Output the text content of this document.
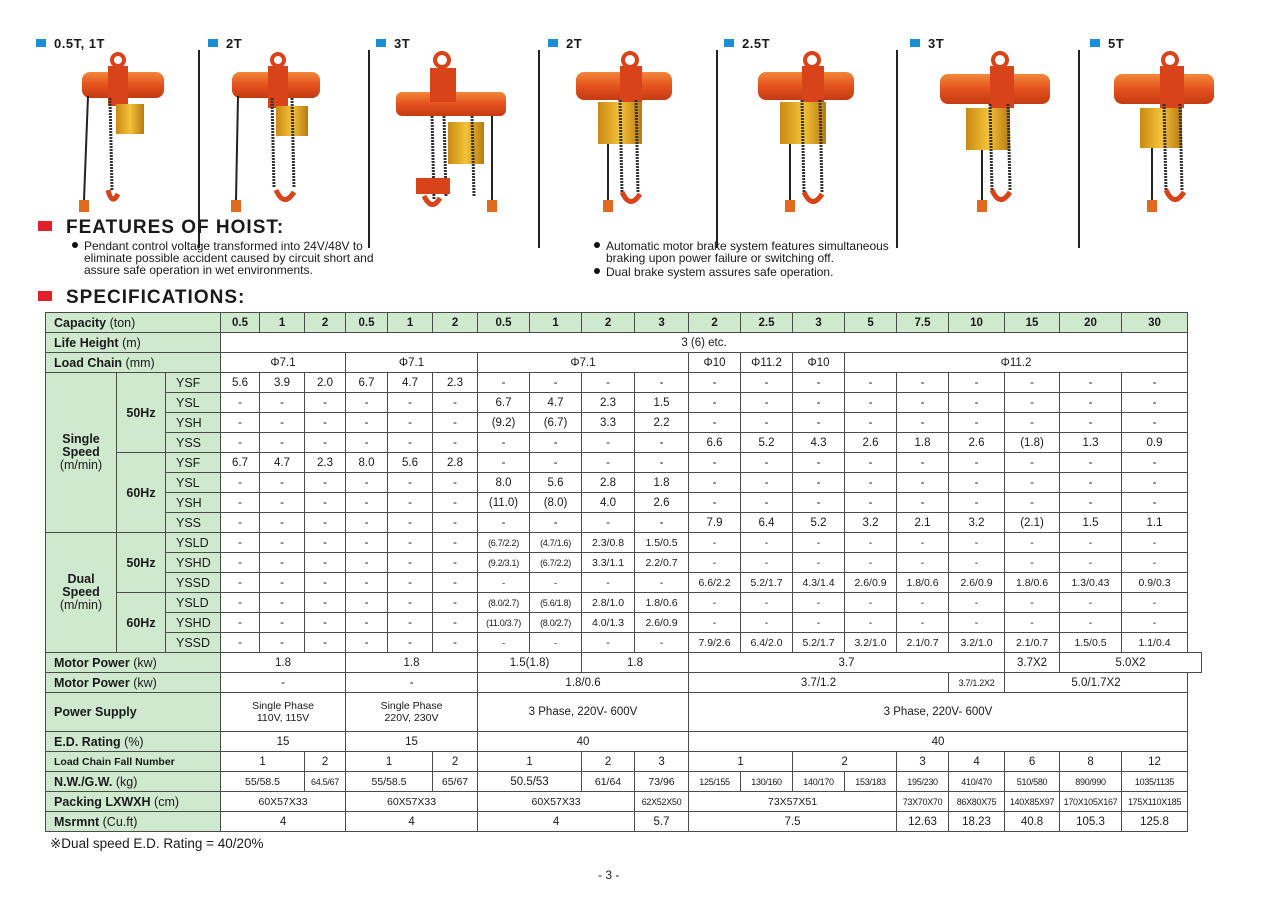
0.5T, 1T	2T	3T	2T	2.5T	3T	5T
FEATURES OF HOIST:
Pendant control voltage transformed into 24V/48V to
eliminate possible accident caused by circuit short and
assure safe operation in wet environments.
Automatic motor brake system features simultaneous
braking upon power failure or switching off.
Dual brake system assures safe operation.
SPECIFICATIONS:
Capacity (ton)			0.5	1	2	0.5	1	2	0.5	1	2	3	2	2.5	3	5	7.5	10	15	20	30
Life Height (m)			3 (6) etc.																		
Load Chain (mm)			Φ7.1			Φ7.1			Φ7.1				Φ10	Φ11.2	Φ10	Φ11.2					
Single Speed

(m/min)	50Hz	YSF	5.6	3.9	2.0	6.7	4.7	2.3	-	-	-	-	-	-	-	-	-	-	-	-	-
		YSL	-	-	-	-	-	-	6.7	4.7	2.3	1.5	-	-	-	-	-	-	-	-	-
		YSH	-	-	-	-	-	-	(9.2)	(6.7)	3.3	2.2	-	-	-	-	-	-	-	-	-
		YSS	-	-	-	-	-	-	-	-	-	-	6.6	5.2	4.3	2.6	1.8	2.6	(1.8)	1.3	0.9
	60Hz	YSF	6.7	4.7	2.3	8.0	5.6	2.8	-	-	-	-	-	-	-	-	-	-	-	-	-
		YSL	-	-	-	-	-	-	8.0	5.6	2.8	1.8	-	-	-	-	-	-	-	-	-
		YSH	-	-	-	-	-	-	(11.0)	(8.0)	4.0	2.6	-	-	-	-	-	-	-	-	-
		YSS	-	-	-	-	-	-	-	-	-	-	7.9	6.4	5.2	3.2	2.1	3.2	(2.1)	1.5	1.1
Dual Speed

(m/min)	50Hz	YSLD	-	-	-	-	-	-	(6.7/2.2)	(4.7/1.6)	2.3/0.8	1.5/0.5	-	-	-	-	-	-	-	-	-
		YSHD	-	-	-	-	-	-	(9.2/3.1)	(6.7/2.2)	3.3/1.1	2.2/0.7	-	-	-	-	-	-	-	-	-
		YSSD	-	-	-	-	-	-	-	-	-	-	6.6/2.2	5.2/1.7	4.3/1.4	2.6/0.9	1.8/0.6	2.6/0.9	1.8/0.6	1.3/0.43	0.9/0.3
	60Hz	YSLD	-	-	-	-	-	-	(8.0/2.7)	(5.6/1.8)	2.8/1.0	1.8/0.6	-	-	-	-	-	-	-	-	-
		YSHD	-	-	-	-	-	-	(11.0/3.7)	(8.0/2.7)	4.0/1.3	2.6/0.9	-	-	-	-	-	-	-	-	-
		YSSD	-	-	-	-	-	-	-	-	-	-	7.9/2.6	6.4/2.0	5.2/1.7	3.2/1.0	2.1/0.7	3.2/1.0	2.1/0.7	1.5/0.5	1.1/0.4
Motor Power (kw)			1.8			1.8			1.5(1.8)		1.8		3.7						3.7X2	5.0X2	
Motor Power (kw)			-			-			1.8/0.6				3.7/1.2					3.7/1.2X2	5.0/1.7X2		
Power Supply			Single Phase
110V, 115V			Single Phase
220V, 230V			3 Phase, 220V- 600V				3 Phase, 220V- 600V								
E.D. Rating (%)			15			15			40				40								
Load Chain Fall Number			1		2	1		2	1		2	3	1		2		3	4	6	8	12
N.W./G.W. (kg)			55/58.5		64.5/67	55/58.5		65/67	50.5/53		61/64	73/96	125/155	130/160	140/170	153/183	195/230	410/470	510/580	890/990	1035/1135
Packing LXWXH (cm)			60X57X33			60X57X33			60X57X33			62X52X50	73X57X51				73X70X70	86X80X75	140X85X97	170X105X167	175X110X185
Msrmnt (Cu.ft)			4			4			4			5.7	7.5				12.63	18.23	40.8	105.3	125.8
※Dual speed E.D. Rating = 40/20%
- 3 -
